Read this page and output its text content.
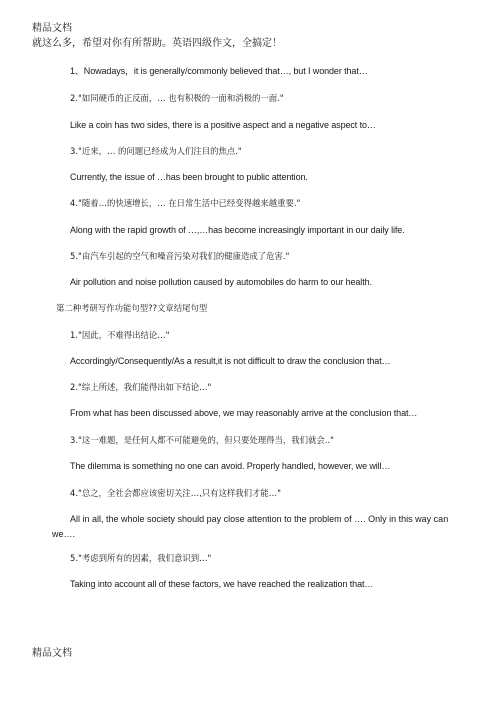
精品文档
就这么多，希望对你有所帮助。英语四级作文，全搞定！
1、Nowadays，it is generally/commonly believed that…, but I wonder that…
2."如同硬币的正反面，… 也有积极的一面和消极的一面."
Like a coin has two sides, there is a positive aspect and a negative aspect to…
3."近来，… 的问题已经成为人们注目的焦点."
Currently, the issue of …has been brought to public attention.
4."随着…的快速增长，… 在日常生活中已经变得越来越重要."
Along with the rapid growth of …,…has become increasingly important in our daily life.
5."由汽车引起的空气和噪音污染对我们的健康造成了危害."
Air pollution and noise pollution caused by automobiles do harm to our health.
第二种考研写作功能句型??文章结尾句型
1."因此，不难得出结论…"
Accordingly/Consequently/As a result,it is not difficult to draw the conclusion that…
2."综上所述，我们能得出如下结论…"
From what has been discussed above, we may reasonably arrive at the conclusion that…
3."这一难题，是任何人都不可能避免的，但只要处理得当，我们就会.."
The dilemma is something no one can avoid. Properly handled, however, we will…
4."总之，全社会都应该密切关注…,只有这样我们才能…"
All in all, the whole society should pay close attention to the problem of …. Only in this way can we….
5."考虑到所有的因素，我们意识到…"
Taking into account all of these factors, we have reached the realization that…
精品文档
